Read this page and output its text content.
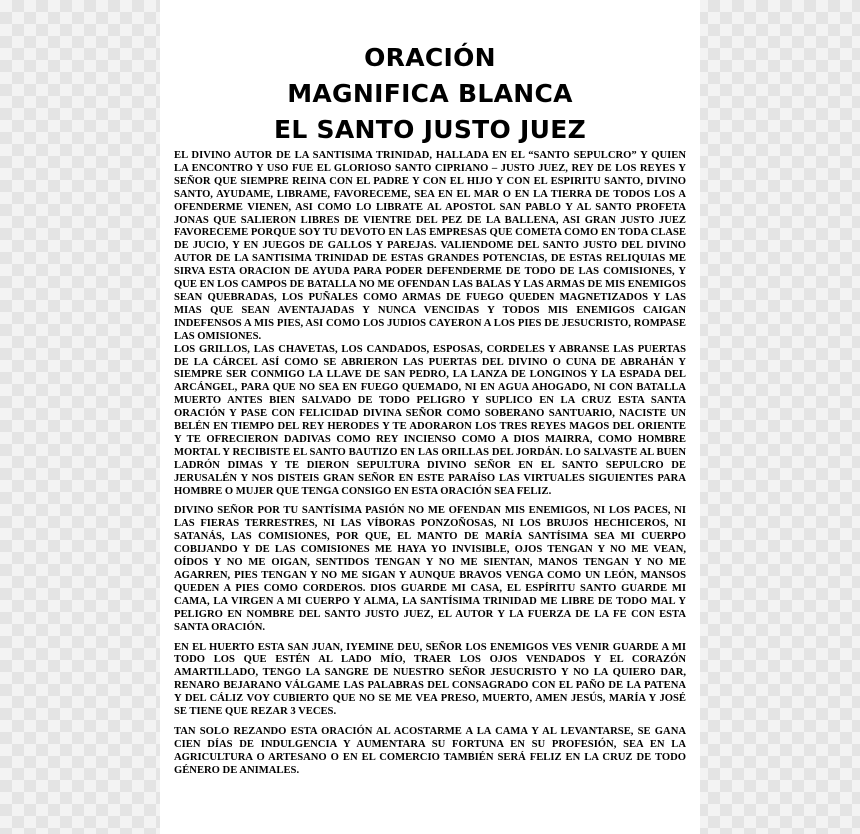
ORACIÓN
MAGNIFICA BLANCA
EL SANTO JUSTO JUEZ

EL DIVINO AUTOR DE LA SANTISIMA TRINIDAD, HALLADA EN EL “SANTO SEPULCRO” Y QUIEN LA ENCONTRO Y USO FUE EL GLORIOSO SANTO CIPRIANO – JUSTO JUEZ, REY DE LOS REYES Y SEÑOR QUE SIEMPRE REINA CON EL PADRE Y CON EL HIJO Y CON EL ESPIRITU SANTO, DIVINO SANTO, AYUDAME, LIBRAME, FAVORECEME, SEA EN EL MAR O EN LA TIERRA DE TODOS LOS A OFENDERME VIENEN, ASI COMO LO LIBRATE AL APOSTOL SAN PABLO Y AL SANTO PROFETA JONAS QUE SALIERON LIBRES DE VIENTRE DEL PEZ DE LA BALLENA, ASI GRAN JUSTO JUEZ FAVORECEME PORQUE SOY TU DEVOTO EN LAS EMPRESAS QUE COMETA COMO EN TODA CLASE DE JUCIO, Y EN JUEGOS DE GALLOS Y PAREJAS. VALIENDOME DEL SANTO JUSTO DEL DIVINO AUTOR DE LA SANTISIMA TRINIDAD DE ESTAS GRANDES POTENCIAS, DE ESTAS RELIQUIAS ME SIRVA ESTA ORACION DE AYUDA PARA PODER DEFENDERME DE TODO DE LAS COMISIONES, Y QUE EN LOS CAMPOS DE BATALLA NO ME OFENDAN LAS BALAS Y LAS ARMAS DE MIS ENEMIGOS SEAN QUEBRADAS, LOS PUÑALES COMO ARMAS DE FUEGO QUEDEN MAGNETIZADOS Y LAS MIAS QUE SEAN AVENTAJADAS Y NUNCA VENCIDAS Y TODOS MIS ENEMIGOS CAIGAN INDEFENSOS A MIS PIES, ASI COMO LOS JUDIOS CAYERON A LOS PIES DE JESUCRISTO, ROMPASE LAS OMISIONES.

LOS GRILLOS, LAS CHAVETAS, LOS CANDADOS, ESPOSAS, CORDELES Y ABRANSE LAS PUERTAS DE LA CÁRCEL ASÍ COMO SE ABRIERON LAS PUERTAS DEL DIVINO O CUNA DE ABRAHÁN Y SIEMPRE SER CONMIGO LA LLAVE DE SAN PEDRO, LA LANZA DE LONGINOS Y LA ESPADA DEL ARCÁNGEL, PARA QUE NO SEA EN FUEGO QUEMADO, NI EN AGUA AHOGADO, NI CON BATALLA MUERTO ANTES BIEN SALVADO DE TODO PELIGRO Y SUPLICO EN LA CRUZ ESTA SANTA ORACIÓN Y PASE CON FELICIDAD DIVINA SEÑOR COMO SOBERANO SANTUARIO, NACISTE UN BELÉN EN TIEMPO DEL REY HERODES Y TE ADORARON LOS TRES REYES MAGOS DEL ORIENTE Y TE OFRECIERON DADIVAS COMO REY INCIENSO COMO A DIOS MAIRRA, COMO HOMBRE MORTAL Y RECIBISTE EL SANTO BAUTIZO EN LAS ORILLAS DEL JORDÁN. LO SALVASTE AL BUEN LADRÓN DIMAS Y TE DIERON SEPULTURA DIVINO SEÑOR EN EL SANTO SEPULCRO DE JERUSALÉN Y NOS DISTEIS GRAN SEÑOR EN ESTE PARAÍSO LAS VIRTUALES SIGUIENTES PARA HOMBRE O MUJER QUE TENGA CONSIGO EN ESTA ORACIÓN SEA FELIZ.

DIVINO SEÑOR POR TU SANTÍSIMA PASIÓN NO ME OFENDAN MIS ENEMIGOS, NI LOS PACES, NI LAS FIERAS TERRESTRES, NI LAS VÍBORAS PONZOÑOSAS, NI LOS BRUJOS HECHICEROS, NI SATANÁS, LAS COMISIONES, POR QUE, EL MANTO DE MARÍA SANTÍSIMA SEA MI CUERPO COBIJANDO Y DE LAS COMISIONES ME HAYA YO INVISIBLE, OJOS TENGAN Y NO ME VEAN, OÍDOS Y NO ME OIGAN, SENTIDOS TENGAN Y NO ME SIENTAN, MANOS TENGAN Y NO ME AGARREN, PIES TENGAN Y NO ME SIGAN Y AUNQUE BRAVOS VENGA COMO UN LEÓN, MANSOS QUEDEN A PIES COMO CORDEROS. DIOS GUARDE MI CASA, EL ESPÍRITU SANTO GUARDE MI CAMA, LA VIRGEN A MI CUERPO Y ALMA, LA SANTÍSIMA TRINIDAD ME LIBRE DE TODO MAL Y PELIGRO EN NOMBRE DEL SANTO JUSTO JUEZ, EL AUTOR Y LA FUERZA DE LA FE CON ESTA SANTA ORACIÓN.

EN EL HUERTO ESTA SAN JUAN, IYEMINE DEU, SEÑOR LOS ENEMIGOS VES VENIR GUARDE A MI TODO LOS QUE ESTÉN AL LADO MÍO, TRAER LOS OJOS VENDADOS Y EL CORAZÓN AMARTILLADO, TENGO LA SANGRE DE NUESTRO SEÑOR JESUCRISTO Y NO LA QUIERO DAR, RENARO BEJARANO VÁLGAME LAS PALABRAS DEL CONSAGRADO CON EL PAÑO DE LA PATENA Y DEL CÁLIZ VOY CUBIERTO QUE NO SE ME VEA PRESO, MUERTO, AMEN JESÚS, MARÍA Y JOSÉ SE TIENE QUE REZAR 3 VECES.

TAN SOLO REZANDO ESTA ORACIÓN AL ACOSTARME A LA CAMA Y AL LEVANTARSE, SE GANA CIEN DÍAS DE INDULGENCIA Y AUMENTARA SU FORTUNA EN SU PROFESIÓN, SEA EN LA AGRICULTURA O ARTESANO O EN EL COMERCIO TAMBIÉN SERÁ FELIZ EN LA CRUZ DE TODO GÉNERO DE ANIMALES.
